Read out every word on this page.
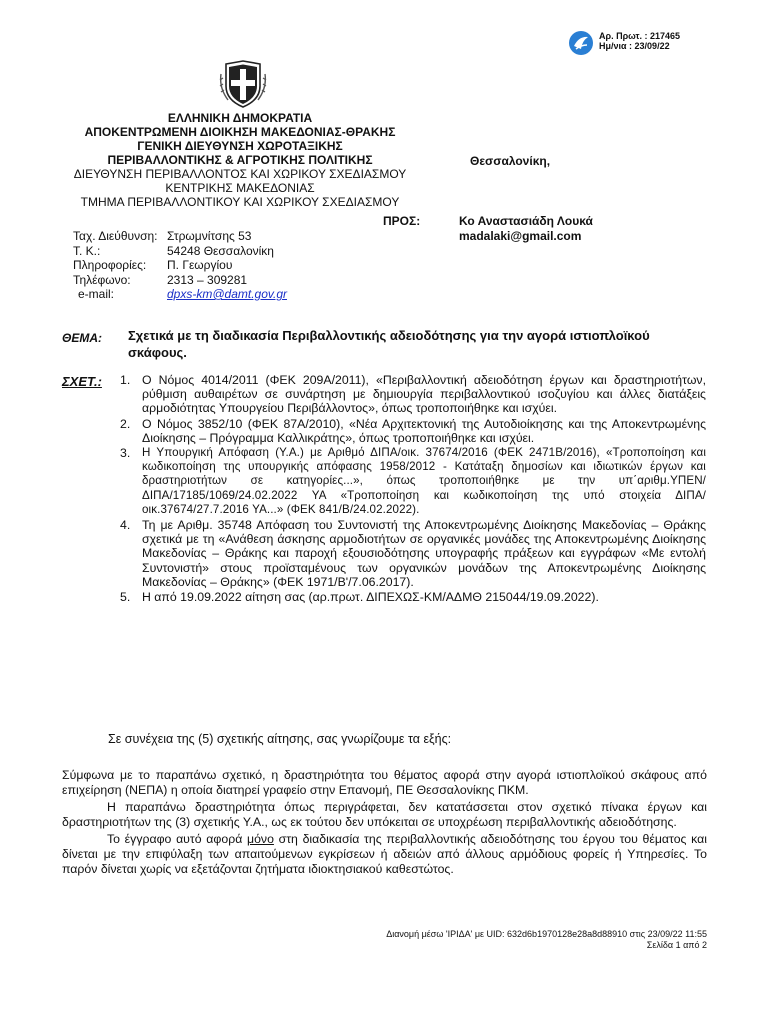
Αρ. Πρωτ. : 217465
Ημ/νια : 23/09/22
ΕΛΛΗΝΙΚΗ ΔΗΜΟΚΡΑΤΙΑ
ΑΠΟΚΕΝΤΡΩΜΕΝΗ ΔΙΟΙΚΗΣΗ ΜΑΚΕΔΟΝΙΑΣ-ΘΡΑΚΗΣ
ΓΕΝΙΚΗ ΔΙΕΥΘΥΝΣΗ ΧΩΡΟΤΑΞΙΚΗΣ
ΠΕΡΙΒΑΛΛΟΝΤΙΚΗΣ & ΑΓΡΟΤΙΚΗΣ ΠΟΛΙΤΙΚΗΣ
ΔΙΕΥΘΥΝΣΗ ΠΕΡΙΒΑΛΛΟΝΤΟΣ ΚΑΙ ΧΩΡΙΚΟΥ ΣΧΕΔΙΑΣΜΟΥ
ΚΕΝΤΡΙΚΗΣ ΜΑΚΕΔΟΝΙΑΣ
ΤΜΗΜΑ ΠΕΡΙΒΑΛΛΟΝΤΙΚΟΥ ΚΑΙ ΧΩΡΙΚΟΥ ΣΧΕΔΙΑΣΜΟΥ
Θεσσαλονίκη,
ΠΡΟΣ:	Κο Αναστασιάδη Λουκά
madalaki@gmail.com
Ταχ. Διεύθυνση: Στρωμνίτσης 53
Τ. Κ.:	54248 Θεσσαλονίκη
Πληροφορίες:	Π. Γεωργίου
Τηλέφωνο:	2313 – 309281
e-mail:	dpxs-km@damt.gov.gr
ΘΕΜΑ: Σχετικά με τη διαδικασία Περιβαλλοντικής αδειοδότησης για την αγορά ιστιοπλοϊκού σκάφους.
ΣΧΕΤ.: 1. Ο Νόμος 4014/2011 (ΦΕΚ 209Α/2011), «Περιβαλλοντική αδειοδότηση έργων και δραστηριοτήτων, ρύθμιση αυθαιρέτων σε συνάρτηση με δημιουργία περιβαλλοντικού ισοζυγίου και άλλες διατάξεις αρμοδιότητας Υπουργείου Περιβάλλοντος», όπως τροποποιήθηκε και ισχύει.
2. Ο Νόμος 3852/10 (ΦΕΚ 87Α/2010), «Νέα Αρχιτεκτονική της Αυτοδιοίκησης και της Αποκεντρωμένης Διοίκησης – Πρόγραμμα Καλλικράτης», όπως τροποποιήθηκε και ισχύει.
3.	Η Υπουργική Απόφαση (Υ.Α.) με Αριθμό ΔΙΠΑ/οικ. 37674/2016 (ΦΕΚ 2471Β/2016), «Τροποποίηση και κωδικοποίηση της υπουργικής απόφασης 1958/2012 - Κατάταξη δημοσίων και ιδιωτικών έργων και δραστηριοτήτων σε κατηγορίες...», όπως τροποποιήθηκε με την υπ΄αριθμ.ΥΠΕΝ/ΔΙΠΑ/17185/1069/24.02.2022 ΥΑ «Τροποποίηση και κωδικοποίηση της υπό στοιχεία ΔΙΠΑ/οικ.37674/27.7.2016 ΥΑ...» (ΦΕΚ 841/Β/24.02.2022).
4. Τη με Αριθμ. 35748 Απόφαση του Συντονιστή της Αποκεντρωμένης Διοίκησης Μακεδονίας – Θράκης σχετικά με τη «Ανάθεση άσκησης αρμοδιοτήτων σε οργανικές μονάδες της Αποκεντρωμένης Διοίκησης Μακεδονίας – Θράκης και παροχή εξουσιοδότησης υπογραφής πράξεων και εγγράφων «Με εντολή Συντονιστή» στους προϊσταμένους των οργανικών μονάδων της Αποκεντρωμένης Διοίκησης Μακεδονίας – Θράκης» (ΦΕΚ 1971/Β'/7.06.2017).
5. Η από 19.09.2022 αίτηση σας (αρ.πρωτ. ΔΙΠΕΧΩΣ-ΚΜ/ΑΔΜΘ 215044/19.09.2022).
Σε συνέχεια της (5) σχετικής αίτησης, σας γνωρίζουμε τα εξής:

Σύμφωνα με το παραπάνω σχετικό, η δραστηριότητα του θέματος αφορά στην αγορά ιστιοπλοϊκού σκάφους από επιχείρηση (ΝΕΠΑ) η οποία διατηρεί γραφείο στην Επανομή, ΠΕ Θεσσαλονίκης ΠΚΜ.

Η παραπάνω δραστηριότητα όπως περιγράφεται, δεν κατατάσσεται στον σχετικό πίνακα έργων και δραστηριοτήτων της (3) σχετικής Υ.Α., ως εκ τούτου δεν υπόκειται σε υποχρέωση περιβαλλοντικής αδειοδότησης.

Το έγγραφο αυτό αφορά μόνο στη διαδικασία της περιβαλλοντικής αδειοδότησης του έργου του θέματος και δίνεται με την επιφύλαξη των απαιτούμενων εγκρίσεων ή αδειών από άλλους αρμόδιους φορείς ή Υπηρεσίες. Το παρόν δίνεται χωρίς να εξετάζονται ζητήματα ιδιοκτησιακού καθεστώτος.

Διανομή μέσω 'ΙΡΙΔΑ' με UID: 632d6b1970128e28a8d88910 στις 23/09/22 11:55
Σελίδα 1 από 2
